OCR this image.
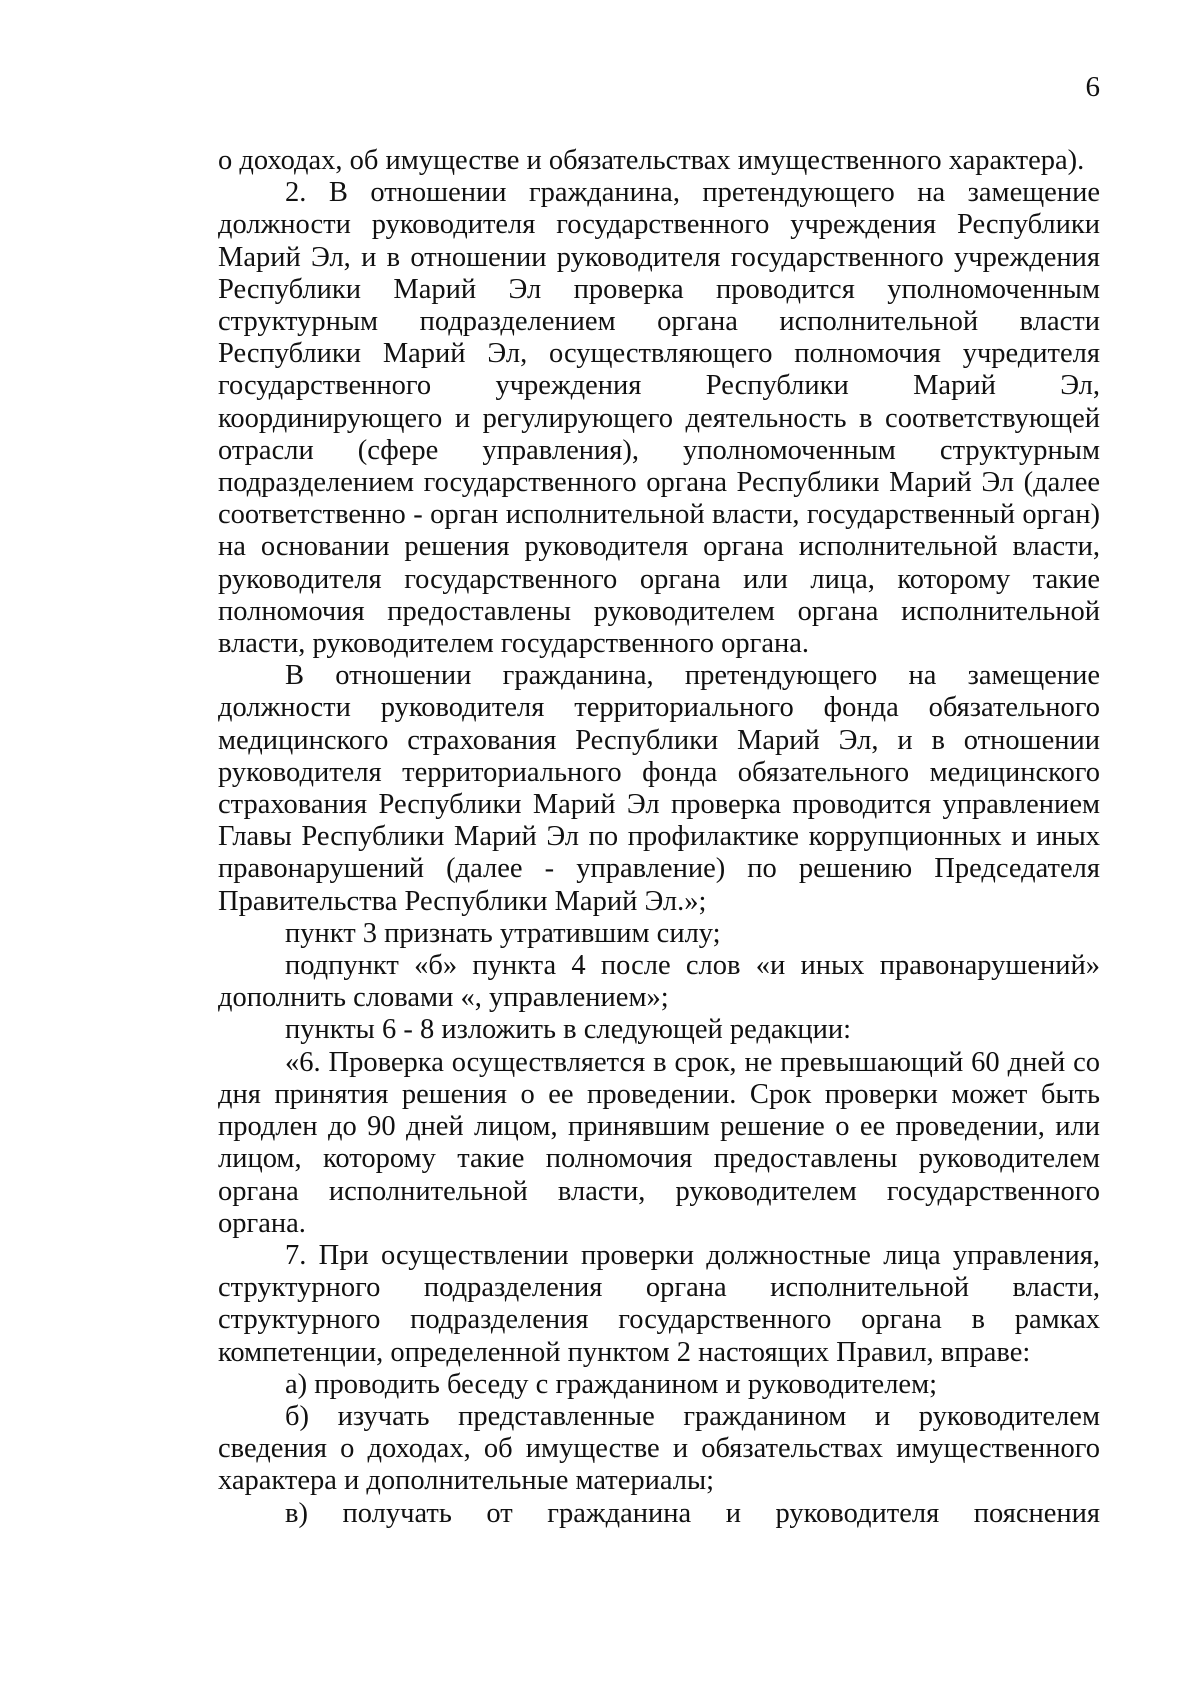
6

о доходах, об имуществе и обязательствах имущественного характера).

2. В отношении гражданина, претендующего на замещение должности руководителя государственного учреждения Республики Марий Эл, и в отношении руководителя государственного учреждения Республики Марий Эл проверка проводится уполномоченным структурным подразделением органа исполнительной власти Республики Марий Эл, осуществляющего полномочия учредителя государственного учреждения Республики Марий Эл, координирующего и регулирующего деятельность в соответствующей отрасли (сфере управления), уполномоченным структурным подразделением государственного органа Республики Марий Эл (далее соответственно - орган исполнительной власти, государственный орган) на основании решения руководителя органа исполнительной власти, руководителя государственного органа или лица, которому такие полномочия предоставлены руководителем органа исполнительной власти, руководителем государственного органа.

В отношении гражданина, претендующего на замещение должности руководителя территориального фонда обязательного медицинского страхования Республики Марий Эл, и в отношении руководителя территориального фонда обязательного медицинского страхования Республики Марий Эл проверка проводится управлением Главы Республики Марий Эл по профилактике коррупционных и иных правонарушений (далее - управление) по решению Председателя Правительства Республики Марий Эл.»;

пункт 3 признать утратившим силу;

подпункт «б» пункта 4 после слов «и иных правонарушений» дополнить словами «, управлением»;

пункты 6 - 8 изложить в следующей редакции:

«6. Проверка осуществляется в срок, не превышающий 60 дней со дня принятия решения о ее проведении. Срок проверки может быть продлен до 90 дней лицом, принявшим решение о ее проведении, или лицом, которому такие полномочия предоставлены руководителем органа исполнительной власти, руководителем государственного органа.

7. При осуществлении проверки должностные лица управления, структурного подразделения органа исполнительной власти, структурного подразделения государственного органа в рамках компетенции, определенной пунктом 2 настоящих Правил, вправе:

а) проводить беседу с гражданином и руководителем;

б) изучать представленные гражданином и руководителем сведения о доходах, об имуществе и обязательствах имущественного характера и дополнительные материалы;

в) получать от гражданина и руководителя пояснения
